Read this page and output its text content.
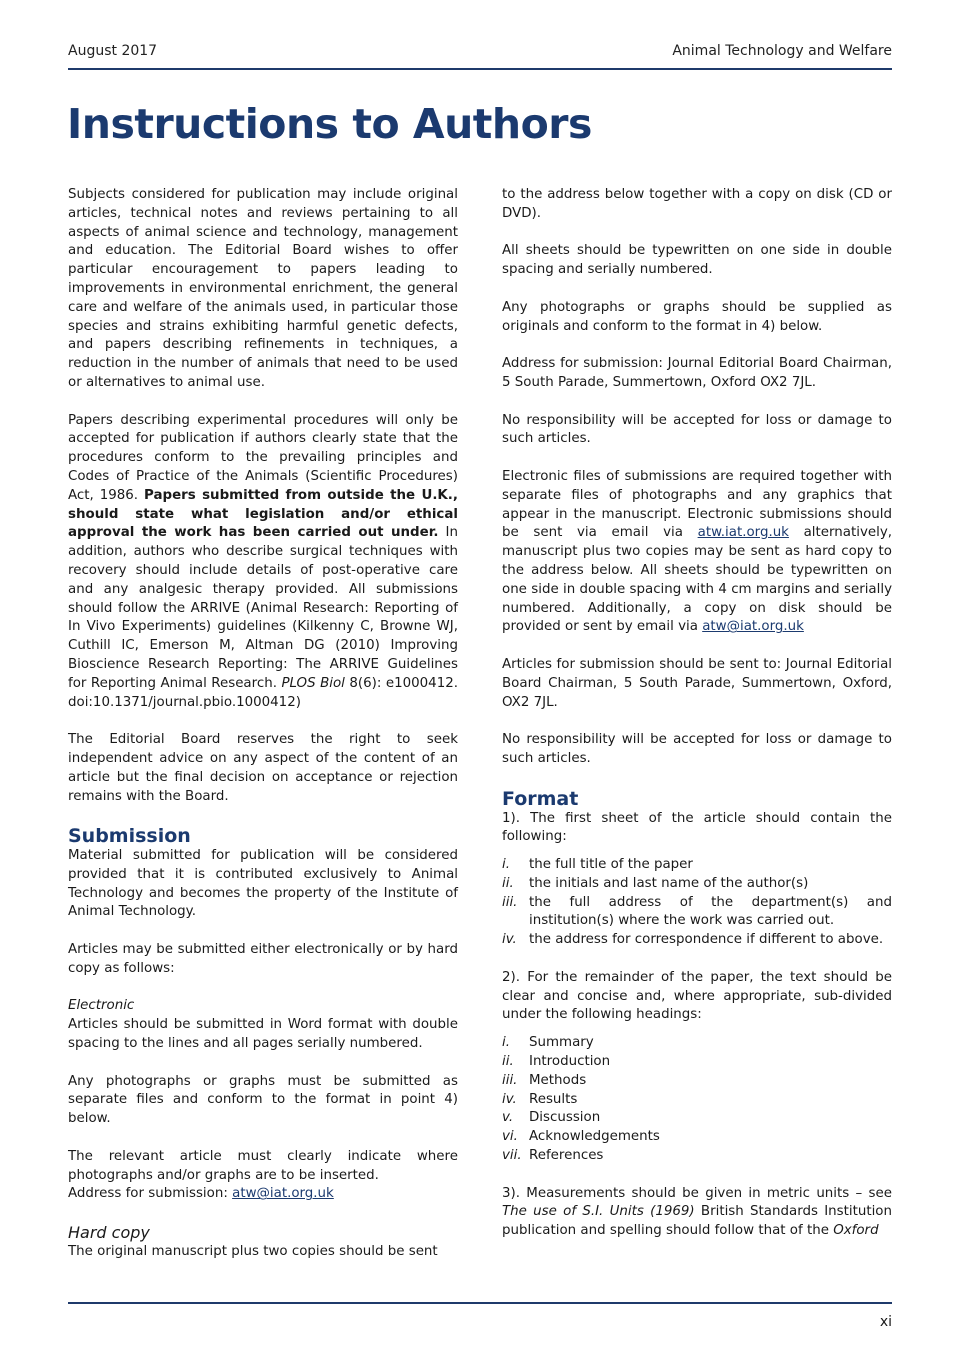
August 2017	Animal Technology and Welfare
Instructions to Authors

Subjects considered for publication may include original articles, technical notes and reviews pertaining to all aspects of animal science and technology, management and education. The Editorial Board wishes to offer particular encouragement to papers leading to improvements in environmental enrichment, the general care and welfare of the animals used, in particular those species and strains exhibiting harmful genetic defects, and papers describing refinements in techniques, a reduction in the number of animals that need to be used or alternatives to animal use.

Papers describing experimental procedures will only be accepted for publication if authors clearly state that the procedures conform to the prevailing principles and Codes of Practice of the Animals (Scientific Procedures) Act, 1986. Papers submitted from outside the U.K., should state what legislation and/or ethical approval the work has been carried out under. In addition, authors who describe surgical techniques with recovery should include details of post-operative care and any analgesic therapy provided. All submissions should follow the ARRIVE (Animal Research: Reporting of In Vivo Experiments) guidelines (Kilkenny C, Browne WJ, Cuthill IC, Emerson M, Altman DG (2010) Improving Bioscience Research Reporting: The ARRIVE Guidelines for Reporting Animal Research. PLOS Biol 8(6): e1000412. doi:10.1371/journal.pbio.1000412)

The Editorial Board reserves the right to seek independent advice on any aspect of the content of an article but the final decision on acceptance or rejection remains with the Board.

Submission

Material submitted for publication will be considered provided that it is contributed exclusively to Animal Technology and becomes the property of the Institute of Animal Technology.

Articles may be submitted either electronically or by hard copy as follows:

Electronic

Articles should be submitted in Word format with double spacing to the lines and all pages serially numbered.

Any photographs or graphs must be submitted as separate files and conform to the format in point 4) below.

The relevant article must clearly indicate where photographs and/or graphs are to be inserted.

Address for submission: atw@iat.org.uk

Hard copy

The original manuscript plus two copies should be sent

to the address below together with a copy on disk (CD or DVD).

All sheets should be typewritten on one side in double spacing and serially numbered.

Any photographs or graphs should be supplied as originals and conform to the format in 4) below.

Address for submission: Journal Editorial Board Chairman, 5 South Parade, Summertown, Oxford OX2 7JL.

No responsibility will be accepted for loss or damage to such articles.

Electronic files of submissions are required together with separate files of photographs and any graphics that appear in the manuscript. Electronic submissions should be sent via email via atw.iat.org.uk alternatively, manuscript plus two copies may be sent as hard copy to the address below. All sheets should be typewritten on one side in double spacing with 4 cm margins and serially numbered. Additionally, a copy on disk should be provided or sent by email via atw@iat.org.uk

Articles for submission should be sent to: Journal Editorial Board Chairman, 5 South Parade, Summertown, Oxford, OX2 7JL.

No responsibility will be accepted for loss or damage to such articles.

Format

1). The first sheet of the article should contain the following:

i. the full title of the paper
ii. the initials and last name of the author(s)
iii. the full address of the department(s) and institution(s) where the work was carried out.
iv. the address for correspondence if different to above.

2). For the remainder of the paper, the text should be clear and concise and, where appropriate, sub-divided under the following headings:

i. Summary
ii. Introduction
iii. Methods
iv. Results
v. Discussion
vi. Acknowledgements
vii. References

3). Measurements should be given in metric units – see The use of S.I. Units (1969) British Standards Institution publication and spelling should follow that of the Oxford

xi
